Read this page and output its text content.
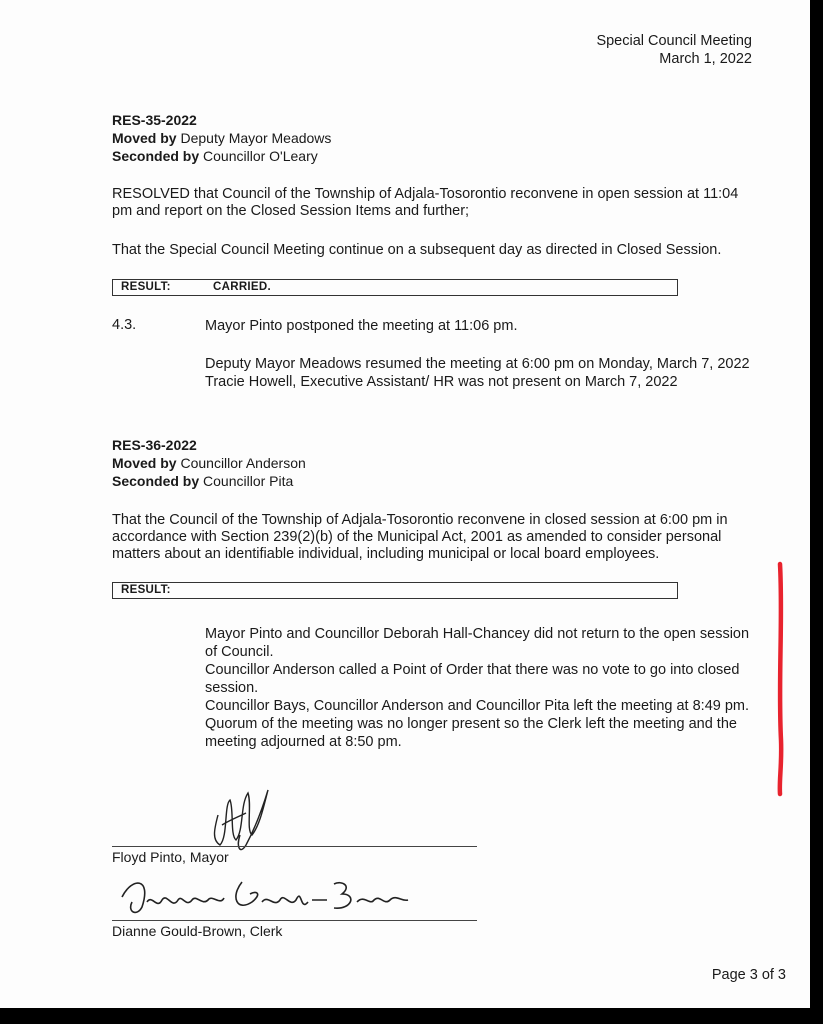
Special Council Meeting
March 1, 2022
RES-35-2022
Moved by Deputy Mayor Meadows
Seconded by Councillor O'Leary
RESOLVED that Council of the Township of Adjala-Tosorontio reconvene in open session at 11:04 pm and report on the Closed Session Items and further;
That the Special Council Meeting continue on a subsequent day as directed in Closed Session.
RESULT:	CARRIED.
4.3.	Mayor Pinto postponed the meeting at 11:06 pm.

Deputy Mayor Meadows resumed the meeting at 6:00 pm on Monday, March 7, 2022

Tracie Howell, Executive Assistant/ HR was not present on March 7, 2022

RES-36-2022
Moved by Councillor Anderson
Seconded by Councillor Pita
That the Council of the Township of Adjala-Tosorontio reconvene in closed session at 6:00 pm in accordance with Section 239(2)(b) of the Municipal Act, 2001 as amended to consider personal matters about an identifiable individual, including municipal or local board employees.
RESULT:

Mayor Pinto and Councillor Deborah Hall-Chancey did not return to the open session of Council.

Councillor Anderson called a Point of Order that there was no vote to go into closed session.

Councillor Bays, Councillor Anderson and Councillor Pita left the meeting at 8:49 pm.

Quorum of the meeting was no longer present so the Clerk left the meeting and the meeting adjourned at 8:50 pm.

Floyd Pinto, Mayor
Dianne Gould-Brown, Clerk
Page 3 of 3
